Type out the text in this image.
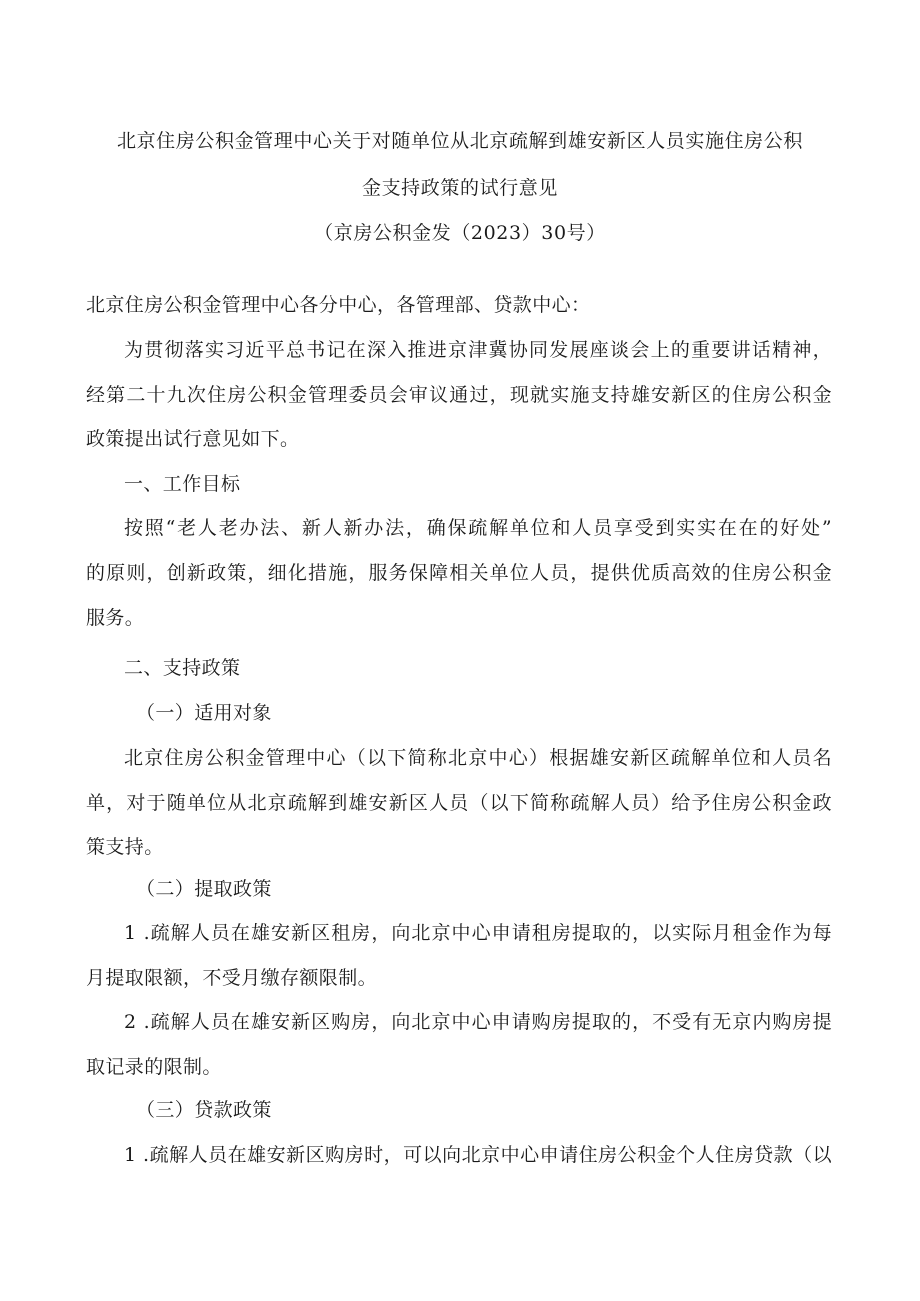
北京住房公积金管理中心关于对随单位从北京疏解到雄安新区人员实施住房公积
金支持政策的试行意见
（京房公积金发（2023）30号）
北京住房公积金管理中心各分中心，各管理部、贷款中心：
为贯彻落实习近平总书记在深入推进京津冀协同发展座谈会上的重要讲话精神，
经第二十九次住房公积金管理委员会审议通过，现就实施支持雄安新区的住房公积金
政策提出试行意见如下。
一、工作目标
按照“老人老办法、新人新办法，确保疏解单位和人员享受到实实在在的好处”
的原则，创新政策，细化措施，服务保障相关单位人员，提供优质高效的住房公积金
服务。
二、支持政策
（一）适用对象
北京住房公积金管理中心（以下简称北京中心）根据雄安新区疏解单位和人员名
单，对于随单位从北京疏解到雄安新区人员（以下简称疏解人员）给予住房公积金政
策支持。
（二）提取政策
1 .疏解人员在雄安新区租房，向北京中心申请租房提取的，以实际月租金作为每
月提取限额，不受月缴存额限制。
2 .疏解人员在雄安新区购房，向北京中心申请购房提取的，不受有无京内购房提
取记录的限制。
（三）贷款政策
1 .疏解人员在雄安新区购房时，可以向北京中心申请住房公积金个人住房贷款（以
